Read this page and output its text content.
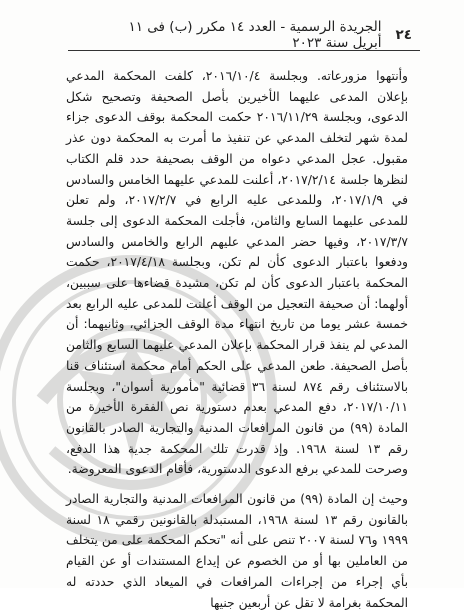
٢٤
الجريدة الرسمية - العدد ١٤ مكرر (ب) فى ١١ أبريل سنة ٢٠٢٣

وأنتهوا مزورعاته. وبجلسة ٢٠١٦/١٠/٤، كلفت المحكمة المدعي بإعلان المدعى عليهما الأخيرين بأصل الصحيفة وتصحيح شكل الدعوى، وبجلسة ٢٠١٦/١١/٢٩ حكمت المحكمة بوقف الدعوى جزاء لمدة شهر لتخلف المدعي عن تنفيذ ما أمرت به المحكمة دون عذر مقبول. عجل المدعي دعواه من الوقف بصحيفة حدد قلم الكتاب لنظرها جلسة ٢٠١٧/٢/١٤، أعلنت للمدعي عليهما الخامس والسادس في ٢٠١٧/١/٩، وللمدعى عليه الرابع في ٢٠١٧/٢/٧، ولم تعلن للمدعى عليهما السابع والثامن، فأجلت المحكمة الدعوى إلى جلسة ٢٠١٧/٣/٧، وفيها حضر المدعي عليهم الرابع والخامس والسادس ودفعوا باعتبار الدعوى كأن لم تكن، وبجلسة ٢٠١٧/٤/١٨، حكمت المحكمة باعتبار الدعوى كأن لم تكن، مشيدة قضاءها على سببين، أولهما: أن صحيفة التعجيل من الوقف أعلنت للمدعى عليه الرابع بعد خمسة عشر يوما من تاريخ انتهاء مدة الوقف الجزائي، وثانيهما: أن المدعي لم ينفذ قرار المحكمة بإعلان المدعي عليهما السابع والثامن بأصل الصحيفة. طعن المدعي على الحكم أمام محكمة استئناف قنا بالاستئناف رقم ٨٧٤ لسنة ٣٦ قضائية "مأمورية أسوان"، وبجلسة ٢٠١٧/١٠/١١، دفع المدعي بعدم دستورية نص الفقرة الأخيرة من المادة (٩٩) من قانون المرافعات المدنية والتجارية الصادر بالقانون رقم ١٣ لسنة ١٩٦٨. وإذ قدرت تلك المحكمة جدية هذا الدفع، وصرحت للمدعي برفع الدعوى الدستورية، فأقام الدعوى المعروضة.

وحيث إن المادة (٩٩) من قانون المرافعات المدنية والتجارية الصادر بالقانون رقم ١٣ لسنة ١٩٦٨، المستبدلة بالقانونين رقمي ١٨ لسنة ١٩٩٩ و٧٦ لسنة ٢٠٠٧ تنص على أنه "تحكم المحكمة على من يتخلف من العاملين بها أو من الخصوم عن إيداع المستندات أو عن القيام بأي إجراء من إجراءات المرافعات في الميعاد الذي حددته له المحكمة بغرامة لا تقل عن أربعين جنيها
